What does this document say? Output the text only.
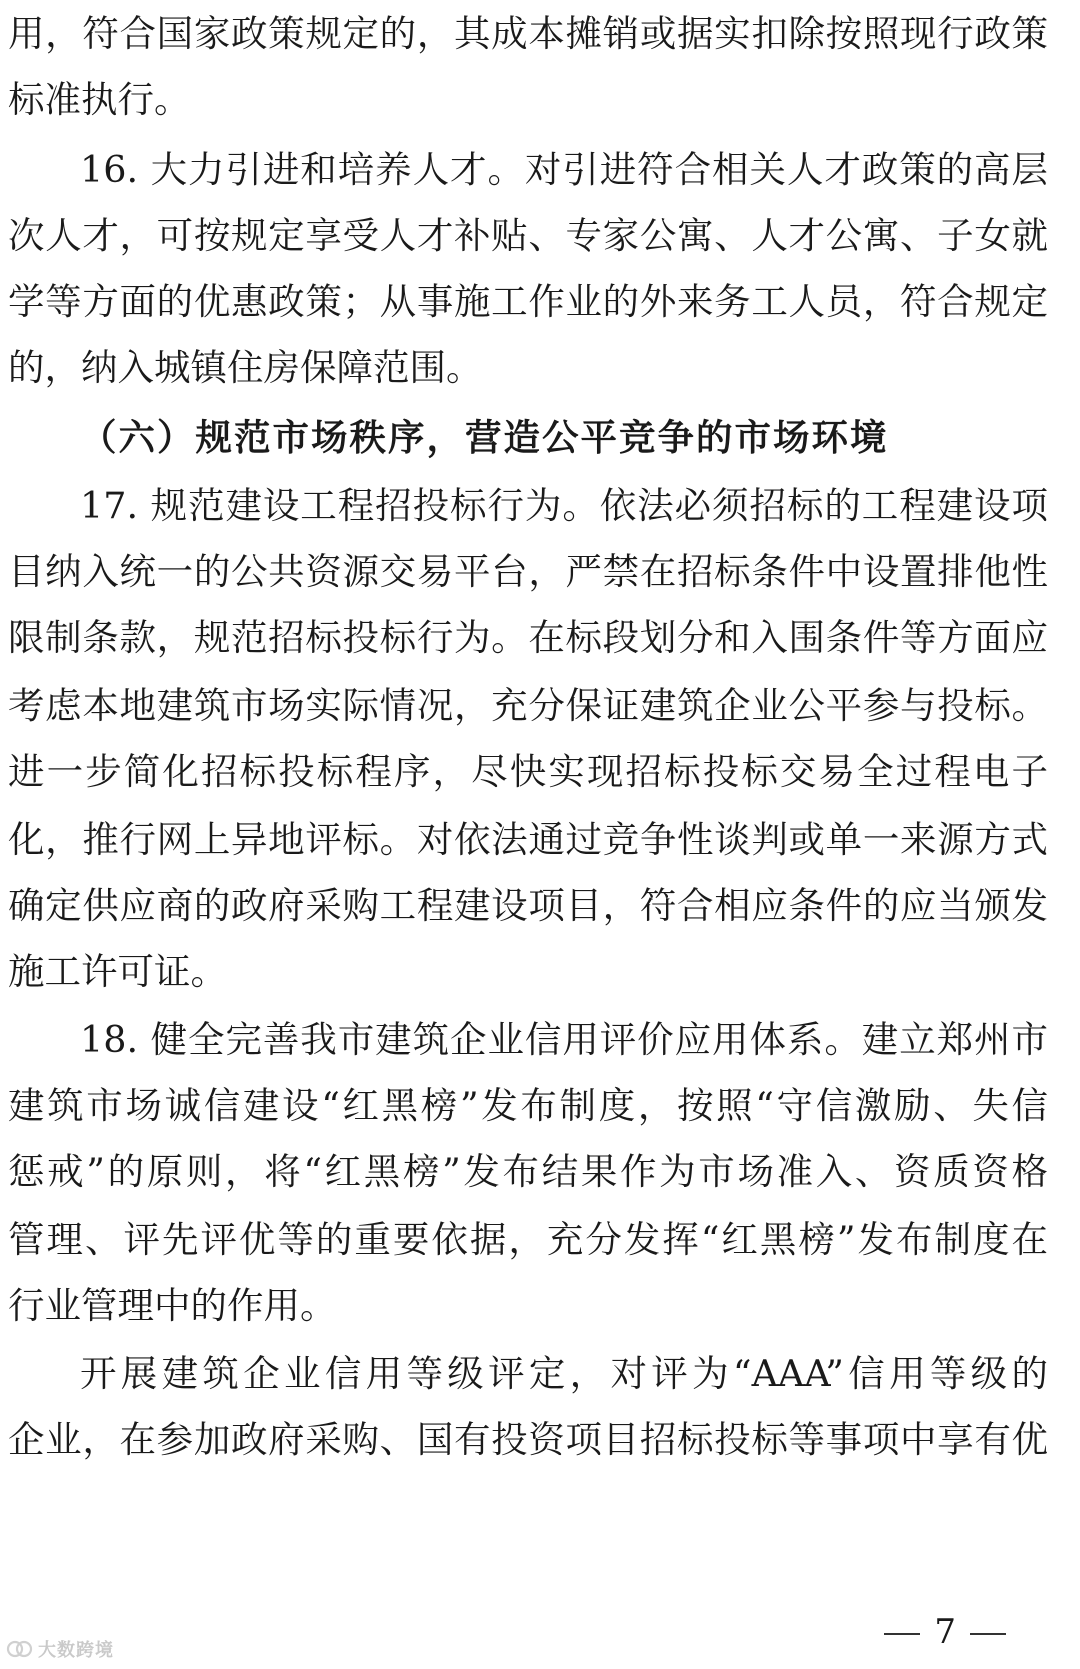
用，符合国家政策规定的，其成本摊销或据实扣除按照现行政策
标准执行。
16. 大力引进和培养人才。对引进符合相关人才政策的高层
次人才，可按规定享受人才补贴、专家公寓、人才公寓、子女就
学等方面的优惠政策；从事施工作业的外来务工人员，符合规定
的，纳入城镇住房保障范围。
（六）规范市场秩序，营造公平竞争的市场环境
17. 规范建设工程招投标行为。依法必须招标的工程建设项
目纳入统一的公共资源交易平台，严禁在招标条件中设置排他性
限制条款，规范招标投标行为。在标段划分和入围条件等方面应
考虑本地建筑市场实际情况，充分保证建筑企业公平参与投标。
进一步简化招标投标程序，尽快实现招标投标交易全过程电子
化，推行网上异地评标。对依法通过竞争性谈判或单一来源方式
确定供应商的政府采购工程建设项目，符合相应条件的应当颁发
施工许可证。
18. 健全完善我市建筑企业信用评价应用体系。建立郑州市
建筑市场诚信建设“红黑榜”发布制度，按照“守信激励、失信
惩戒”的原则，将“红黑榜”发布结果作为市场准入、资质资格
管理、评先评优等的重要依据，充分发挥“红黑榜”发布制度在
行业管理中的作用。
开展建筑企业信用等级评定，对评为“AAA”信用等级的
企业，在参加政府采购、国有投资项目招标投标等事项中享有优
7
大数跨境
